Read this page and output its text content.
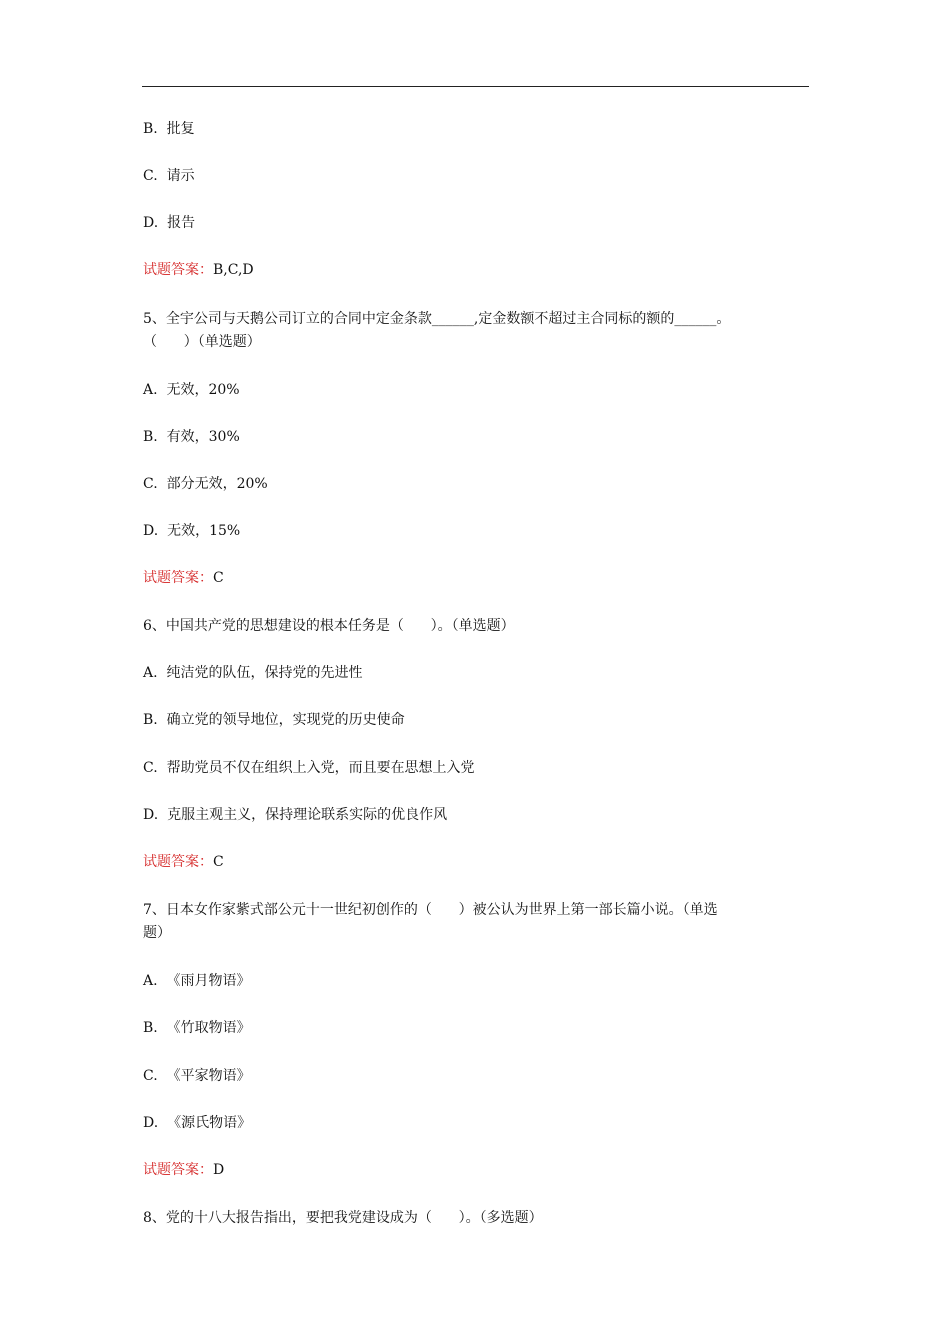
B.  批复
C.  请示
D.  报告
试题答案：B,C,D
5、全宇公司与天鹅公司订立的合同中定金条款______,定金数额不超过主合同标的额的______。
（      ）（单选题）
A.  无效，20%
B.  有效，30%
C.  部分无效，20%
D.  无效，15%
试题答案：C
6、中国共产党的思想建设的根本任务是（      ）。（单选题）
A.  纯洁党的队伍，保持党的先进性
B.  确立党的领导地位，实现党的历史使命
C.  帮助党员不仅在组织上入党，而且要在思想上入党
D.  克服主观主义，保持理论联系实际的优良作风
试题答案：C
7、日本女作家紫式部公元十一世纪初创作的（      ）被公认为世界上第一部长篇小说。（单选
题）
A.  《雨月物语》
B.  《竹取物语》
C.  《平家物语》
D.  《源氏物语》
试题答案：D
8、党的十八大报告指出，要把我党建设成为（      ）。（多选题）
